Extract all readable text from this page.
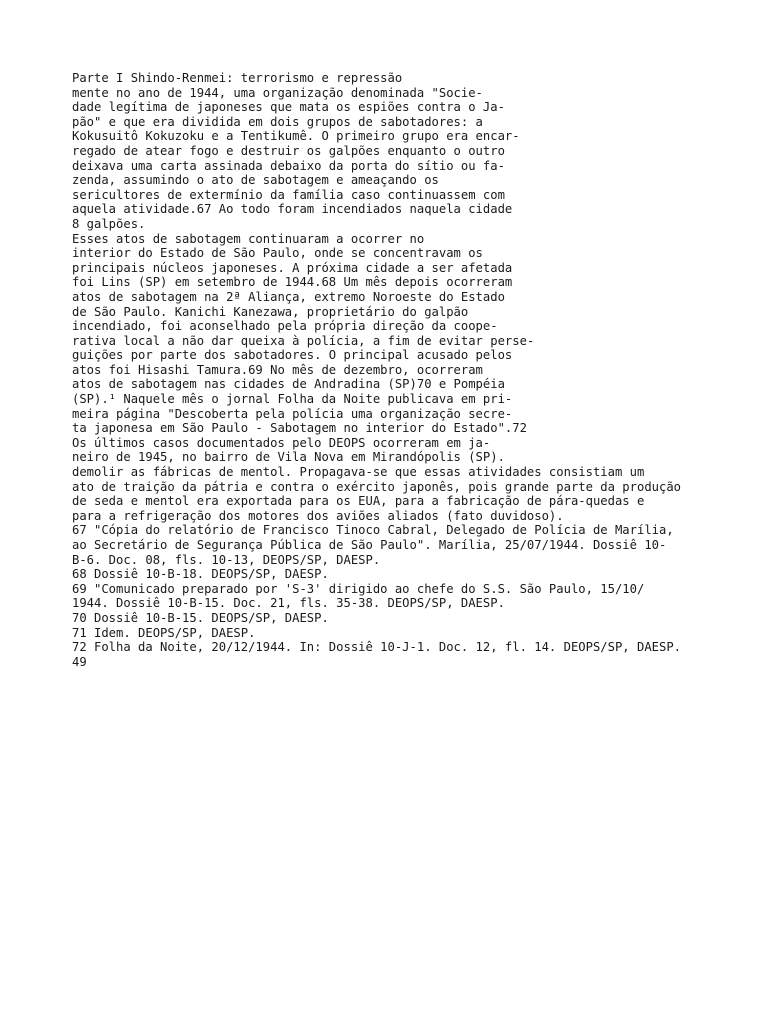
Parte I Shindo-Renmei: terrorismo e repressão
mente no ano de 1944, uma organização denominada "Socie-
dade legítima de japoneses que mata os espiões contra o Ja-
pão" e que era dividida em dois grupos de sabotadores: a
Kokusuitô Kokuzoku e a Tentikumê. O primeiro grupo era encar-
regado de atear fogo e destruir os galpões enquanto o outro
deixava uma carta assinada debaixo da porta do sítio ou fa-
zenda, assumindo o ato de sabotagem e ameaçando os
sericultores de extermínio da família caso continuassem com
aquela atividade.67 Ao todo foram incendiados naquela cidade
8 galpões.
Esses atos de sabotagem continuaram a ocorrer no
interior do Estado de São Paulo, onde se concentravam os
principais núcleos japoneses. A próxima cidade a ser afetada
foi Lins (SP) em setembro de 1944.68 Um mês depois ocorreram
atos de sabotagem na 2ª Aliança, extremo Noroeste do Estado
de São Paulo. Kanichi Kanezawa, proprietário do galpão
incendiado, foi aconselhado pela própria direção da coope-
rativa local a não dar queixa à polícia, a fim de evitar perse-
guições por parte dos sabotadores. O principal acusado pelos
atos foi Hisashi Tamura.69 No mês de dezembro, ocorreram
atos de sabotagem nas cidades de Andradina (SP)70 e Pompéia
(SP).¹ Naquele mês o jornal Folha da Noite publicava em pri-
meira página "Descoberta pela polícia uma organização secre-
ta japonesa em São Paulo - Sabotagem no interior do Estado".72
Os últimos casos documentados pelo DEOPS ocorreram em ja-
neiro de 1945, no bairro de Vila Nova em Mirandópolis (SP).
demolir as fábricas de mentol. Propagava-se que essas atividades consistiam um
ato de traição da pátria e contra o exército japonês, pois grande parte da produção
de seda e mentol era exportada para os EUA, para a fabricação de pára-quedas e
para a refrigeração dos motores dos aviões aliados (fato duvidoso).
67 "Cópia do relatório de Francisco Tinoco Cabral, Delegado de Polícia de Marília,
ao Secretário de Segurança Pública de São Paulo". Marília, 25/07/1944. Dossiê 10-
B-6. Doc. 08, fls. 10-13, DEOPS/SP, DAESP.
68 Dossiê 10-B-18. DEOPS/SP, DAESP.
69 "Comunicado preparado por 'S-3' dirigido ao chefe do S.S. São Paulo, 15/10/
1944. Dossiê 10-B-15. Doc. 21, fls. 35-38. DEOPS/SP, DAESP.
70 Dossiê 10-B-15. DEOPS/SP, DAESP.
71 Idem. DEOPS/SP, DAESP.
72 Folha da Noite, 20/12/1944. In: Dossiê 10-J-1. Doc. 12, fl. 14. DEOPS/SP, DAESP.
49
